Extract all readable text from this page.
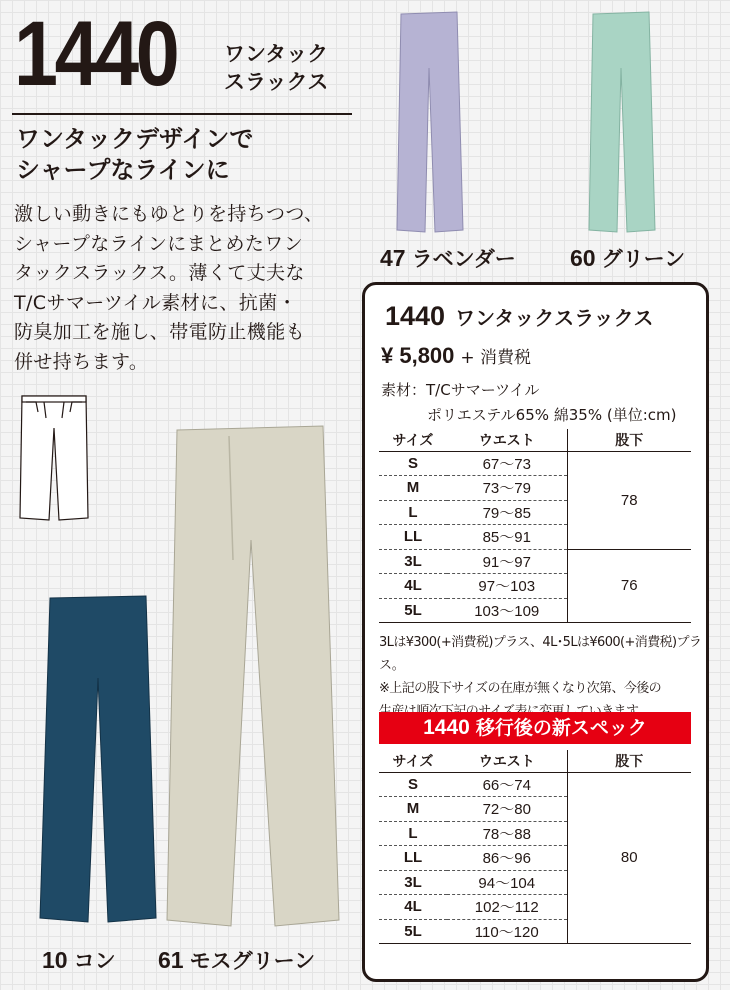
1440 ワンタック
スラックス
ワンタックデザインで
シャープなラインに
激しい動きにもゆとりを持ちつつ、
シャープなラインにまとめたワン
タックスラックス。薄くて丈夫な
T/Cサマーツイル素材に、抗菌・
防臭加工を施し、帯電防止機能も
併せ持ちます。
47 ラベンダー 60 グリーン
10 コン 61 モスグリーン
1440 ワンタックスラックス
¥ 5,800 + 消費税
素材：T/Cサマーツイル
ポリエステル65% 綿35% (単位:cm)
サイズ	ウエスト	股下
S	67〜73	78
M	73〜79	
L	79〜85	
LL	85〜91	
3L	91〜97	76
4L	97〜103	
5L	103〜109	
3Lは¥300(+消費税)プラス、4L･5Lは¥600(+消費税)プラス。
※上記の股下サイズの在庫が無くなり次第、今後の
1440 移行後の新スペック
サイズ	ウエスト	股下
S	66〜74	80
M	72〜80	
L	78〜88	
LL	86〜96	
3L	94〜104	
4L	102〜112	
5L	110〜120	
